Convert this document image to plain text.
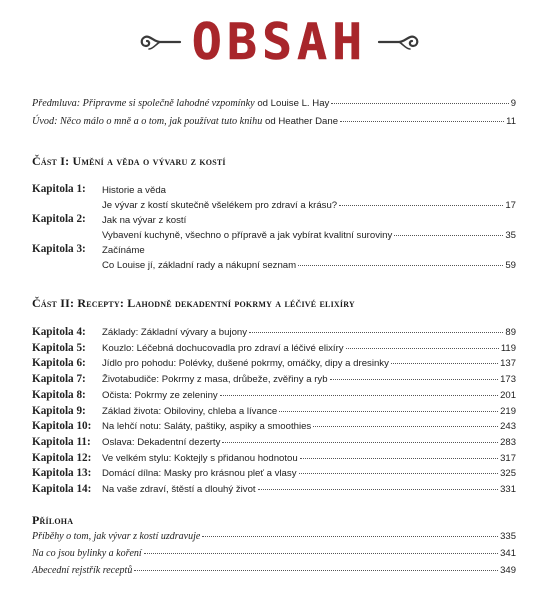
OBSAH
Předmluva: Připravme si společně lahodné vzpomínky od Louise L. Hay	9
Úvod: Něco málo o mně a o tom, jak používat tuto knihu od Heather Dane	11
Část I: Umění a věda o vývaru z kostí
Kapitola 1: Historie a věda
Je vývar z kostí skutečně všelékem pro zdraví a krásu?	17
Kapitola 2: Jak na vývar z kostí
Vybavení kuchyně, všechno o přípravě a jak vybírat kvalitní suroviny	35
Kapitola 3: Začínáme
Co Louise jí, základní rady a nákupní seznam	59
Část II: Recepty: Lahodně dekadentní pokrmy a léčivé elixíry
Kapitola 4: Základy: Základní vývary a bujony	89
Kapitola 5: Kouzlo: Léčebná dochucovadla pro zdraví a léčivé elixíry	119
Kapitola 6: Jídlo pro pohodu: Polévky, dušené pokrmy, omáčky, dipy a dresinky	137
Kapitola 7: Životabudiče: Pokrmy z masa, drůbeže, zvěřiny a ryb	173
Kapitola 8: Očista: Pokrmy ze zeleniny	201
Kapitola 9: Základ života: Obiloviny, chleba a lívance	219
Kapitola 10: Na lehčí notu: Saláty, paštiky, aspiky a smoothies	243
Kapitola 11: Oslava: Dekadentní dezerty	283
Kapitola 12: Ve velkém stylu: Koktejly s přidanou hodnotou	317
Kapitola 13: Domácí dílna: Masky pro krásnou pleť a vlasy	325
Kapitola 14: Na vaše zdraví, štěstí a dlouhý život	331
Příloha
Příběhy o tom, jak vývar z kostí uzdravuje	335
Na co jsou bylinky a koření	341
Abecední rejstřík receptů	349
